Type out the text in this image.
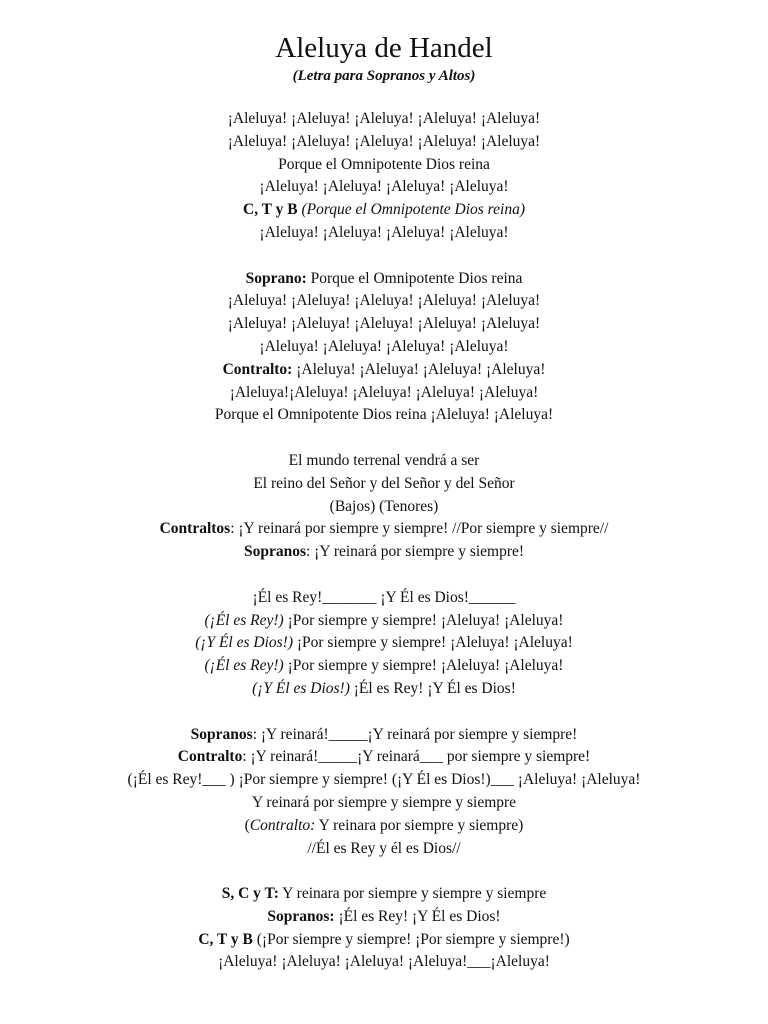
Aleluya de Handel
(Letra para Sopranos y Altos)
¡Aleluya! ¡Aleluya! ¡Aleluya! ¡Aleluya! ¡Aleluya!
¡Aleluya! ¡Aleluya! ¡Aleluya! ¡Aleluya! ¡Aleluya!
Porque el Omnipotente Dios reina
¡Aleluya! ¡Aleluya! ¡Aleluya! ¡Aleluya!
C, T y B (Porque el Omnipotente Dios reina)
¡Aleluya! ¡Aleluya! ¡Aleluya! ¡Aleluya!
Soprano: Porque el Omnipotente Dios reina
¡Aleluya! ¡Aleluya! ¡Aleluya! ¡Aleluya! ¡Aleluya!
¡Aleluya! ¡Aleluya! ¡Aleluya! ¡Aleluya! ¡Aleluya!
¡Aleluya! ¡Aleluya! ¡Aleluya! ¡Aleluya!
Contralto: ¡Aleluya! ¡Aleluya! ¡Aleluya! ¡Aleluya!
¡Aleluya!¡Aleluya! ¡Aleluya! ¡Aleluya! ¡Aleluya!
Porque el Omnipotente Dios reina ¡Aleluya! ¡Aleluya!
El mundo terrenal vendrá a ser
El reino del Señor y del Señor y del Señor
(Bajos) (Tenores)
Contraltos: ¡Y reinará por siempre y siempre! //Por siempre y siempre//
Sopranos: ¡Y reinará por siempre y siempre!
¡Él es Rey!_______ ¡Y Él es Dios!______
(¡Él es Rey!) ¡Por siempre y siempre! ¡Aleluya! ¡Aleluya!
(¡Y Él es Dios!) ¡Por siempre y siempre! ¡Aleluya! ¡Aleluya!
(¡Él es Rey!) ¡Por siempre y siempre! ¡Aleluya! ¡Aleluya!
(¡Y Él es Dios!) ¡Él es Rey! ¡Y Él es Dios!
Sopranos: ¡Y reinará!_____¡Y reinará por siempre y siempre!
Contralto: ¡Y reinará!_____¡Y reinará___ por siempre y siempre!
(¡Él es Rey!___ ) ¡Por siempre y siempre! (¡Y Él es Dios!)___ ¡Aleluya! ¡Aleluya!
Y reinará por siempre y siempre y siempre
(Contralto: Y reinara por siempre y siempre)
//Él es Rey y él es Dios//
S, C y T: Y reinara por siempre y siempre y siempre
Sopranos: ¡Él es Rey! ¡Y Él es Dios!
C, T y B (¡Por siempre y siempre! ¡Por siempre y siempre!)
¡Aleluya! ¡Aleluya! ¡Aleluya! ¡Aleluya!___¡Aleluya!
